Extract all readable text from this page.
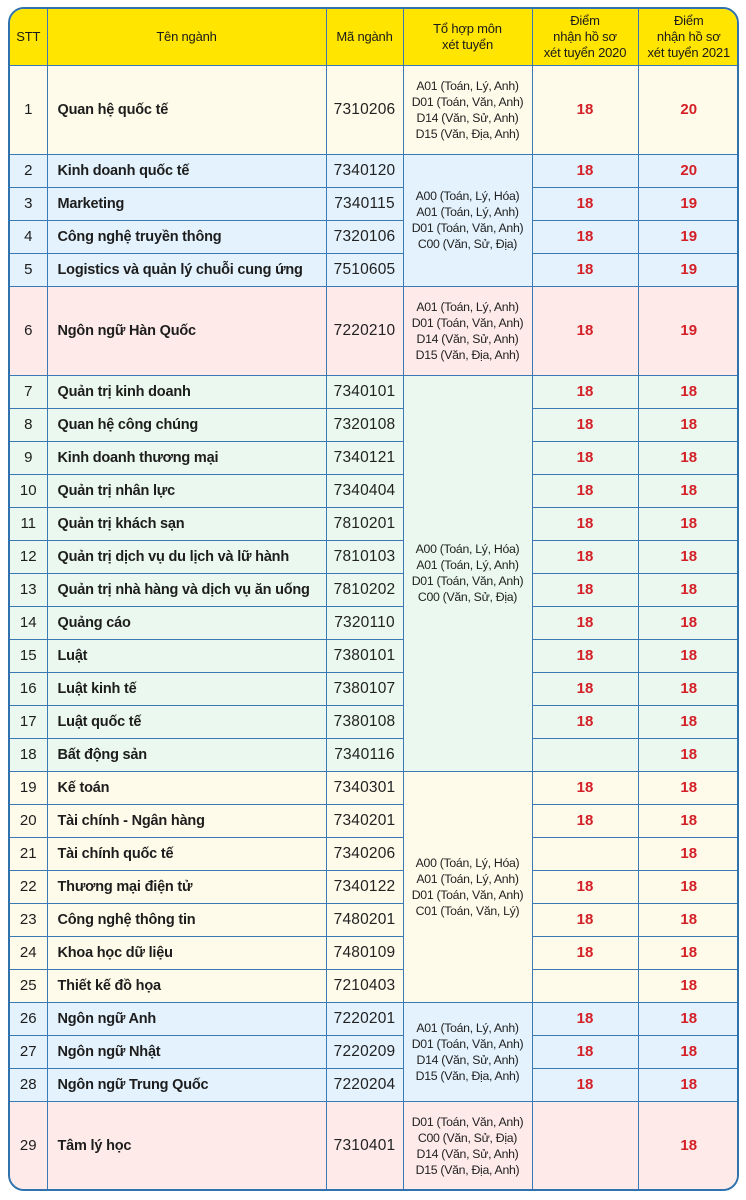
STT	Tên ngành	Mã ngành	Tổ hợp môn
xét tuyển	Điểm
nhận hồ sơ
xét tuyển 2020	Điểm
nhận hồ sơ
xét tuyển 2021

1	Quan hệ quốc tế	7310206	A01 (Toán, Lý, Anh)
D01 (Toán, Văn, Anh)
D14 (Văn, Sử, Anh)
D15 (Văn, Địa, Anh)	18	20
2	Kinh doanh quốc tế	7340120	A00 (Toán, Lý, Hóa)
A01 (Toán, Lý, Anh)
D01 (Toán, Văn, Anh)
C00 (Văn, Sử, Địa)	18	20
3	Marketing	7340115		18	19
4	Công nghệ truyền thông	7320106		18	19
5	Logistics và quản lý chuỗi cung ứng	7510605		18	19
6	Ngôn ngữ Hàn Quốc	7220210	A01 (Toán, Lý, Anh)
D01 (Toán, Văn, Anh)
D14 (Văn, Sử, Anh)
D15 (Văn, Địa, Anh)	18	19
7	Quản trị kinh doanh	7340101	A00 (Toán, Lý, Hóa)
A01 (Toán, Lý, Anh)
D01 (Toán, Văn, Anh)
C00 (Văn, Sử, Địa)	18	18
8	Quan hệ công chúng	7320108		18	18
9	Kinh doanh thương mại	7340121		18	18
10	Quản trị nhân lực	7340404		18	18
11	Quản trị khách sạn	7810201		18	18
12	Quản trị dịch vụ du lịch và lữ hành	7810103		18	18
13	Quản trị nhà hàng và dịch vụ ăn uống	7810202		18	18
14	Quảng cáo	7320110		18	18
15	Luật	7380101		18	18
16	Luật kinh tế	7380107		18	18
17	Luật quốc tế	7380108		18	18
18	Bất động sản	7340116			18
19	Kế toán	7340301	A00 (Toán, Lý, Hóa)
A01 (Toán, Lý, Anh)
D01 (Toán, Văn, Anh)
C01 (Toán, Văn, Lý)	18	18
20	Tài chính - Ngân hàng	7340201		18	18
21	Tài chính quốc tế	7340206			18
22	Thương mại điện tử	7340122		18	18
23	Công nghệ thông tin	7480201		18	18
24	Khoa học dữ liệu	7480109		18	18
25	Thiết kế đồ họa	7210403			18
26	Ngôn ngữ Anh	7220201	A01 (Toán, Lý, Anh)
D01 (Toán, Văn, Anh)
D14 (Văn, Sử, Anh)
D15 (Văn, Địa, Anh)	18	18
27	Ngôn ngữ Nhật	7220209		18	18
28	Ngôn ngữ Trung Quốc	7220204		18	18
29	Tâm lý học	7310401	D01 (Toán, Văn, Anh)
C00 (Văn, Sử, Địa)
D14 (Văn, Sử, Anh)
D15 (Văn, Địa, Anh)		18
